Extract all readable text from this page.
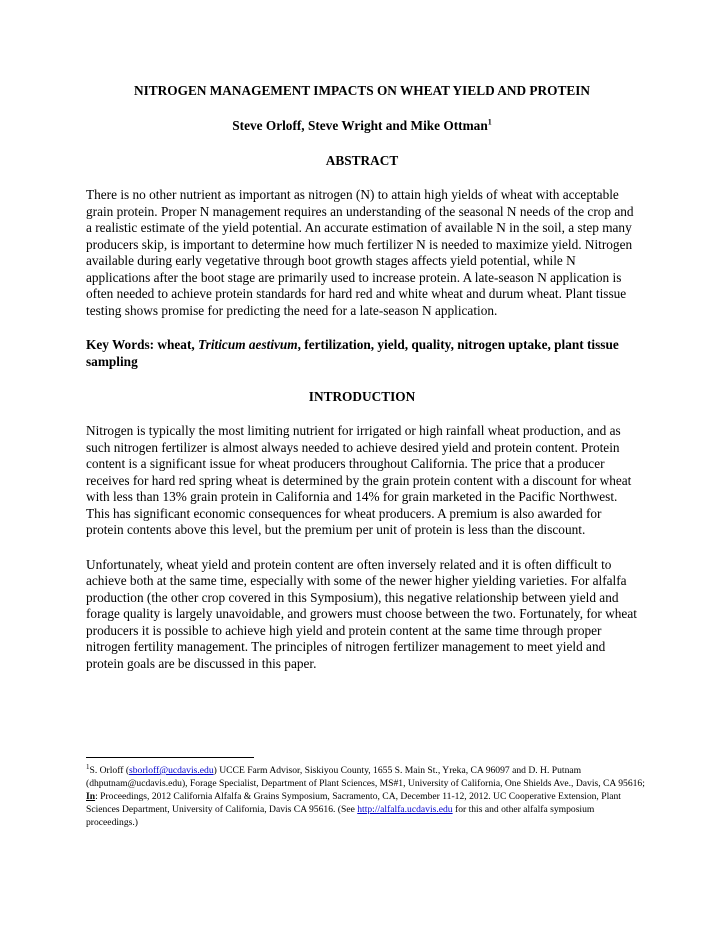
NITROGEN MANAGEMENT IMPACTS ON WHEAT YIELD AND PROTEIN

Steve Orloff, Steve Wright and Mike Ottman$^1$

ABSTRACT

There is no other nutrient as important as nitrogen (N) to attain high yields of wheat with acceptable grain protein. Proper N management requires an understanding of the seasonal N needs of the crop and a realistic estimate of the yield potential. An accurate estimation of available N in the soil, a step many producers skip, is important to determine how much fertilizer N is needed to maximize yield. Nitrogen available during early vegetative through boot growth stages affects yield potential, while N applications after the boot stage are primarily used to increase protein. A late-season N application is often needed to achieve protein standards for hard red and white wheat and durum wheat. Plant tissue testing shows promise for predicting the need for a late-season N application.

Key Words: wheat, Triticum aestivum, fertilization, yield, quality, nitrogen uptake, plant tissue sampling

INTRODUCTION

Nitrogen is typically the most limiting nutrient for irrigated or high rainfall wheat production, and as such nitrogen fertilizer is almost always needed to achieve desired yield and protein content. Protein content is a significant issue for wheat producers throughout California. The price that a producer receives for hard red spring wheat is determined by the grain protein content with a discount for wheat with less than 13% grain protein in California and 14% for grain marketed in the Pacific Northwest. This has significant economic consequences for wheat producers. A premium is also awarded for protein contents above this level, but the premium per unit of protein is less than the discount.

Unfortunately, wheat yield and protein content are often inversely related and it is often difficult to achieve both at the same time, especially with some of the newer higher yielding varieties. For alfalfa production (the other crop covered in this Symposium), this negative relationship between yield and forage quality is largely unavoidable, and growers must choose between the two. Fortunately, for wheat producers it is possible to achieve high yield and protein content at the same time through proper nitrogen fertility management. The principles of nitrogen fertilizer management to meet yield and protein goals are be discussed in this paper.

$^1$S. Orloff (sborloff@ucdavis.edu) UCCE Farm Advisor, Siskiyou County, 1655 S. Main St., Yreka, CA 96097 and D. H. Putnam (dhputnam@ucdavis.edu), Forage Specialist, Department of Plant Sciences, MS#1, University of California, One Shields Ave., Davis, CA 95616; In: Proceedings, 2012 California Alfalfa & Grains Symposium, Sacramento, CA, December 11-12, 2012. UC Cooperative Extension, Plant Sciences Department, University of California, Davis CA 95616. (See http://alfalfa.ucdavis.edu for this and other alfalfa symposium proceedings.)
